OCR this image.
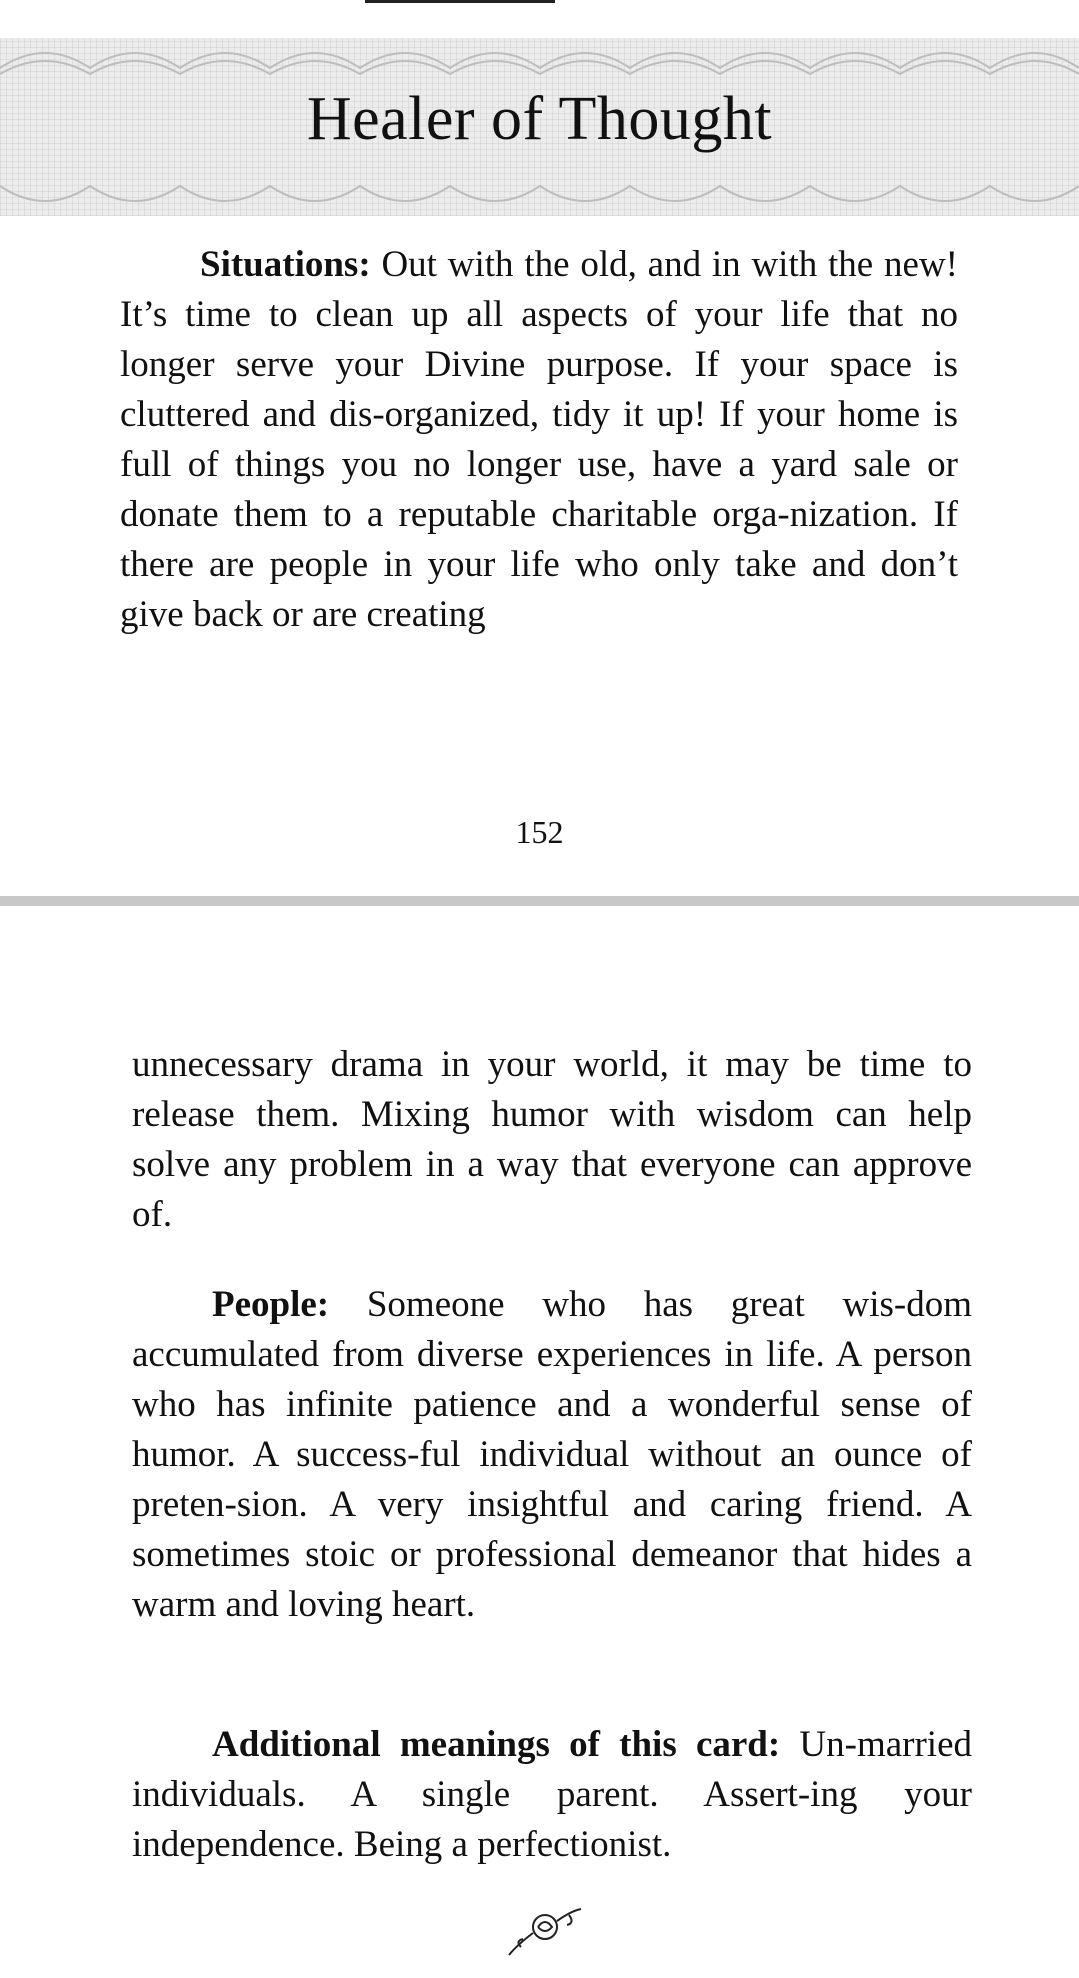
Healer of Thought

Situations: Out with the old, and in with the new! It’s time to clean up all aspects of your life that no longer serve your Divine purpose. If your space is cluttered and dis-organized, tidy it up! If your home is full of things you no longer use, have a yard sale or donate them to a reputable charitable orga-nization. If there are people in your life who only take and don’t give back or are creating

152

unnecessary drama in your world, it may be time to release them. Mixing humor with wisdom can help solve any problem in a way that everyone can approve of.

People: Someone who has great wis-dom accumulated from diverse experiences in life. A person who has infinite patience and a wonderful sense of humor. A success-ful individual without an ounce of preten-sion. A very insightful and caring friend. A sometimes stoic or professional demeanor that hides a warm and loving heart.

Additional meanings of this card: Un-married individuals. A single parent. Assert-ing your independence. Being a perfectionist.
